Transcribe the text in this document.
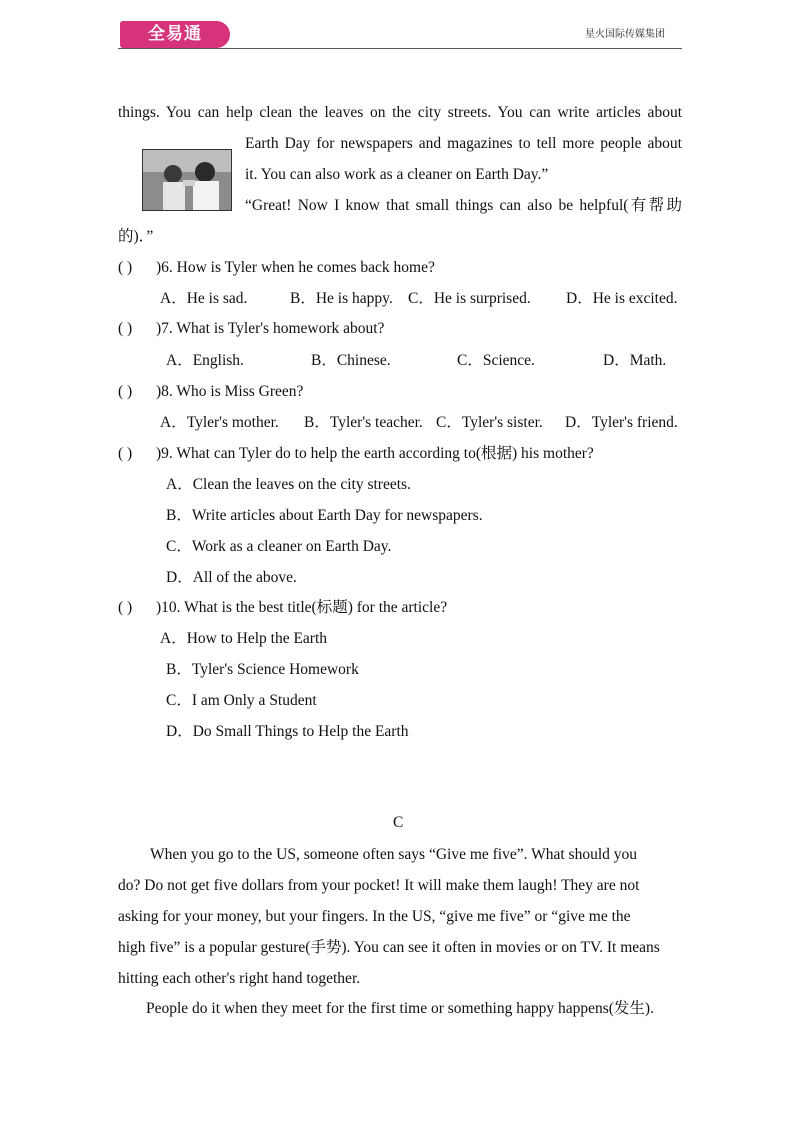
全易通	星火国际传媒集团
things. You can help clean the leaves on the city streets. You can write articles about
Earth Day for newspapers and magazines to tell more people about
it. You can also work as a cleaner on Earth Day.”
“Great! Now I know that small things can also be helpful(有帮助
的)．”
( ) )6. How is Tyler when he comes back home?
A．He is sad.	B．He is happy. C．He is surprised. D．He is excited.
( ) )7. What is Tyler's homework about?
A．English.	B．Chinese.	C．Science.	D．Math.
( ) )8. Who is Miss Green?
A．Tyler's mother. B．Tyler's teacher. C．Tyler's sister. D．Tyler's friend.
( ) )9. What can Tyler do to help the earth according to(根据) his mother?
A．Clean the leaves on the city streets.
B．Write articles about Earth Day for newspapers.
C．Work as a cleaner on Earth Day.
D．All of the above.
( ) )10. What is the best title(标题) for the article?
A．How to Help the Earth
B．Tyler's Science Homework
C．I am Only a Student
D．Do Small Things to Help the Earth
C
When you go to the US, someone often says “Give me five”. What should you
do? Do not get five dollars from your pocket! It will make them laugh! They are not
asking for your money, but your fingers. In the US, “give me five” or “give me the
high five” is a popular gesture(手势). You can see it often in movies or on TV. It means
hitting each other's right hand together.
People do it when they meet for the first time or something happy happens(发生).
